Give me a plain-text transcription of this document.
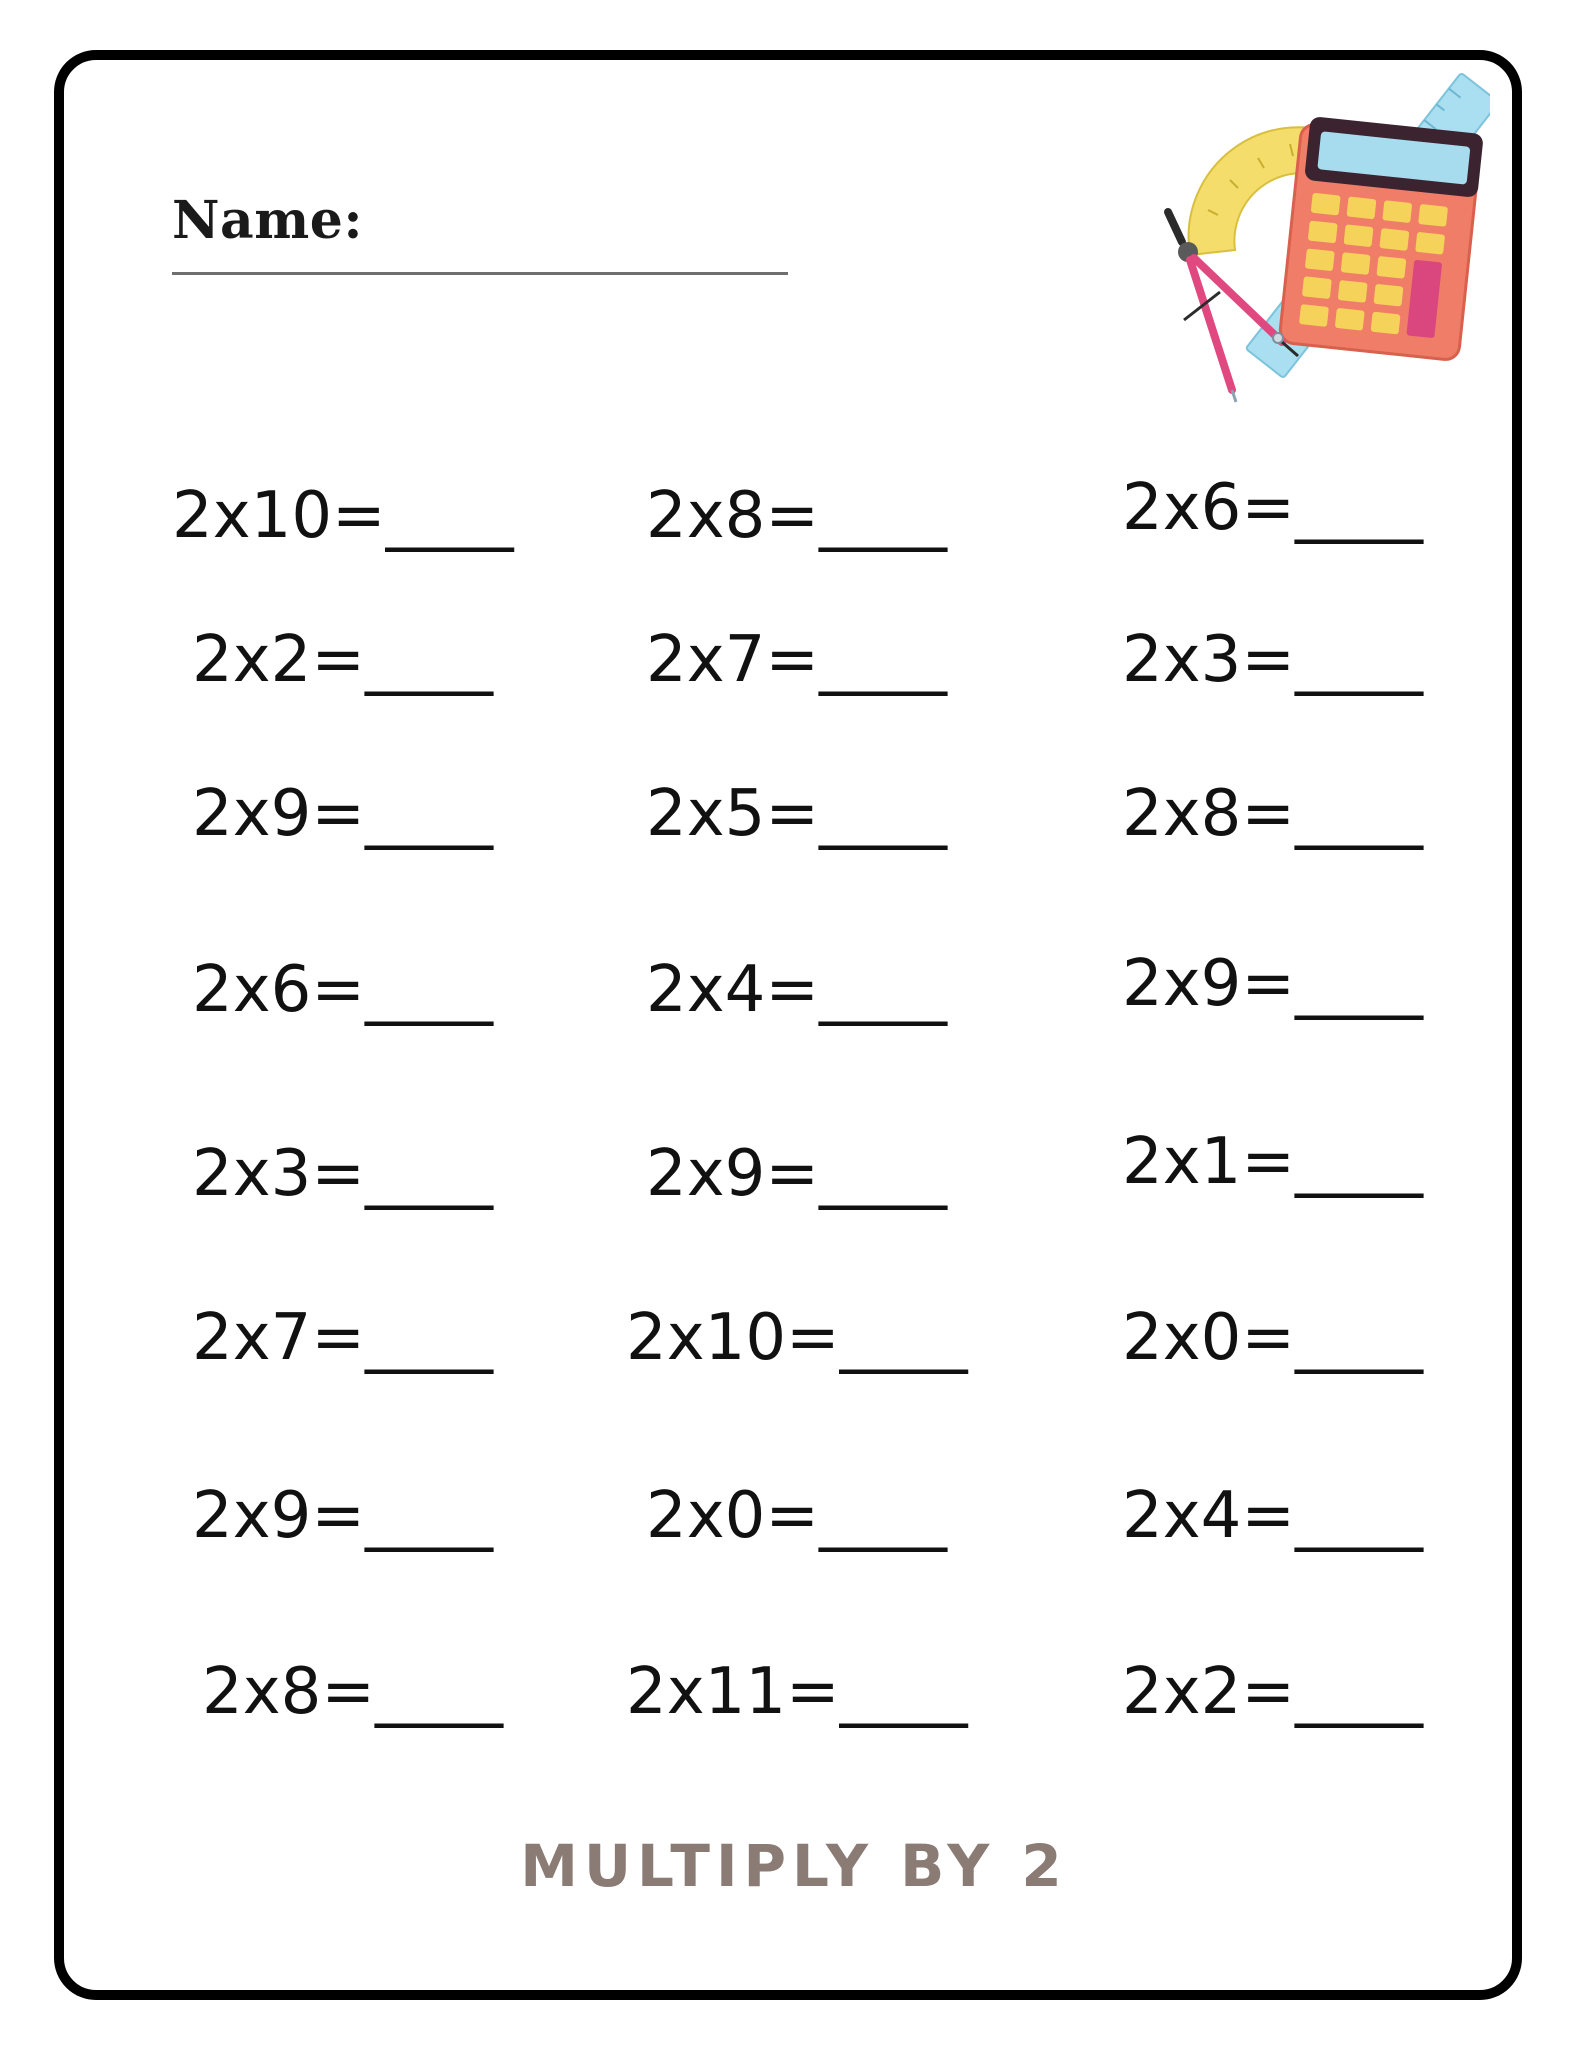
Name:
2x10=____ 2x8=____	2x6=____
2x2=____ 2x7=____	2x3=____
2x9=____ 2x5=____	2x8=____
2x6=____ 2x4=____	2x9=____
2x3=____ 2x9=____	2x1=____
2x7=____ 2x10=____ 2x0=____
2x9=____ 2x0=____	2x4=____
2x8=____ 2x11=____ 2x2=____
MULTIPLY BY 2
